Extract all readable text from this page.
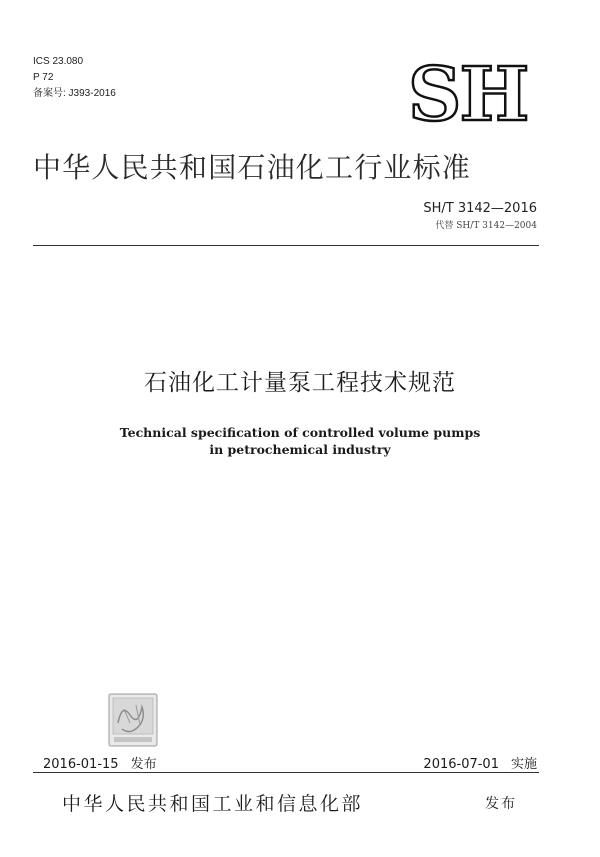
ICS 23.080
P 72
备案号: J393-2016	SH
中华人民共和国石油化工行业标准
SH/T 3142—2016
代替 SH/T 3142—2004
石油化工计量泵工程技术规范
Technical specification of controlled volume pumps
in petrochemical industry
2016-01-15 发布	2016-07-01 实施
中华人民共和国工业和信息化部	发布
